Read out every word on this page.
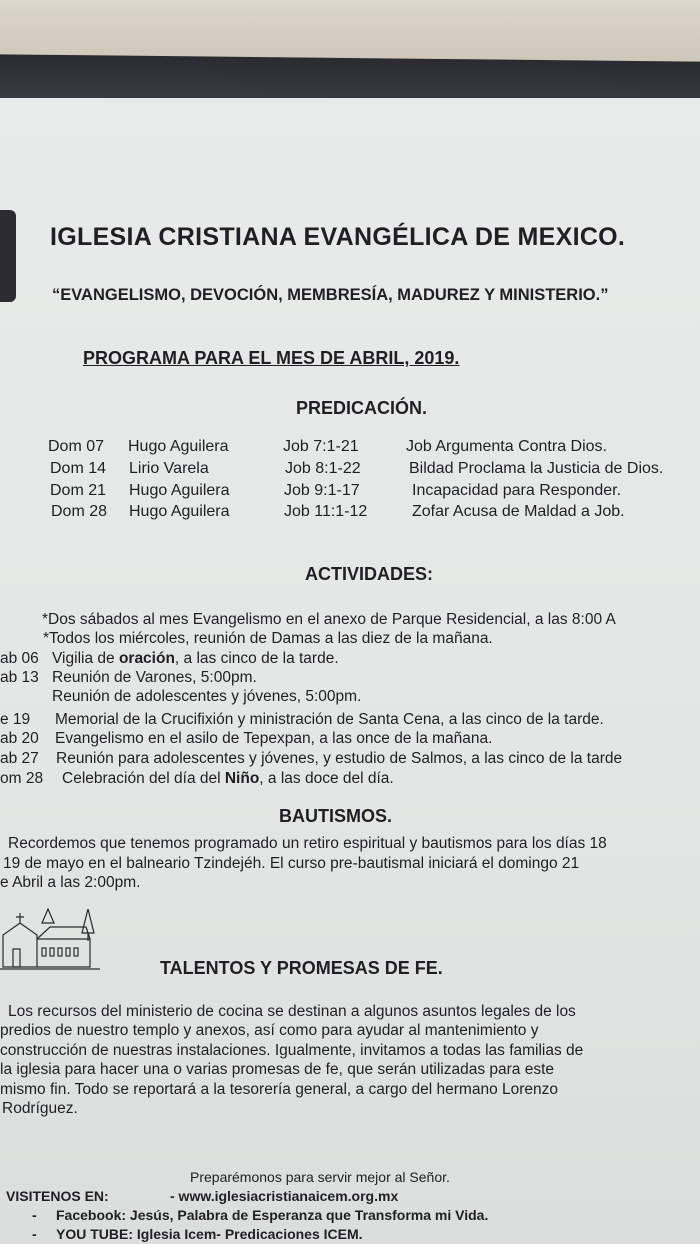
IGLESIA CRISTIANA EVANGÉLICA DE MEXICO.
“EVANGELISMO, DEVOCIÓN, MEMBRESÍA, MADUREZ Y MINISTERIO.”
PROGRAMA PARA EL MES DE ABRIL, 2019.
PREDICACIÓN.
Dom 07 Hugo Aguilera	Job 7:1-21	Job Argumenta Contra Dios.
Dom 14 Lirio Varela	Job 8:1-22	Bildad Proclama la Justicia de Dios.
Dom 21 Hugo Aguilera	Job 9:1-17	Incapacidad para Responder.
Dom 28 Hugo Aguilera	Job 11:1-12	Zofar Acusa de Maldad a Job.
ACTIVIDADES:
*Dos sábados al mes Evangelismo en el anexo de Parque Residencial, a las 8:00 A
*Todos los miércoles, reunión de Damas a las diez de la mañana.
ab 06 Vigilia de oración, a las cinco de la tarde.
ab 13 Reunión de Varones, 5:00pm.
Reunión de adolescentes y jóvenes, 5:00pm.
e 19 Memorial de la Crucifixión y ministración de Santa Cena, a las cinco de la tarde.
ab 20 Evangelismo en el asilo de Tepexpan, a las once de la mañana.
ab 27 Reunión para adolescentes y jóvenes, y estudio de Salmos, a las cinco de la tarde
om 28 Celebración del día del Niño, a las doce del día.
BAUTISMOS.
Recordemos que tenemos programado un retiro espiritual y bautismos para los días 18
19 de mayo en el balneario Tzindejéh. El curso pre-bautismal iniciará el domingo 21
e Abril a las 2:00pm.
TALENTOS Y PROMESAS DE FE.
Los recursos del ministerio de cocina se destinan a algunos asuntos legales de los
predios de nuestro templo y anexos, así como para ayudar al mantenimiento y
construcción de nuestras instalaciones. Igualmente, invitamos a todas las familias de
la iglesia para hacer una o varias promesas de fe, que serán utilizadas para este
mismo fin. Todo se reportará a la tesorería general, a cargo del hermano Lorenzo
Rodríguez.
Preparémonos para servir mejor al Señor.
VISITENOS EN:	- www.iglesiacristianaicem.org.mx
- Facebook: Jesús, Palabra de Esperanza que Transforma mi Vida.
- YOU TUBE: Iglesia Icem- Predicaciones ICEM.
